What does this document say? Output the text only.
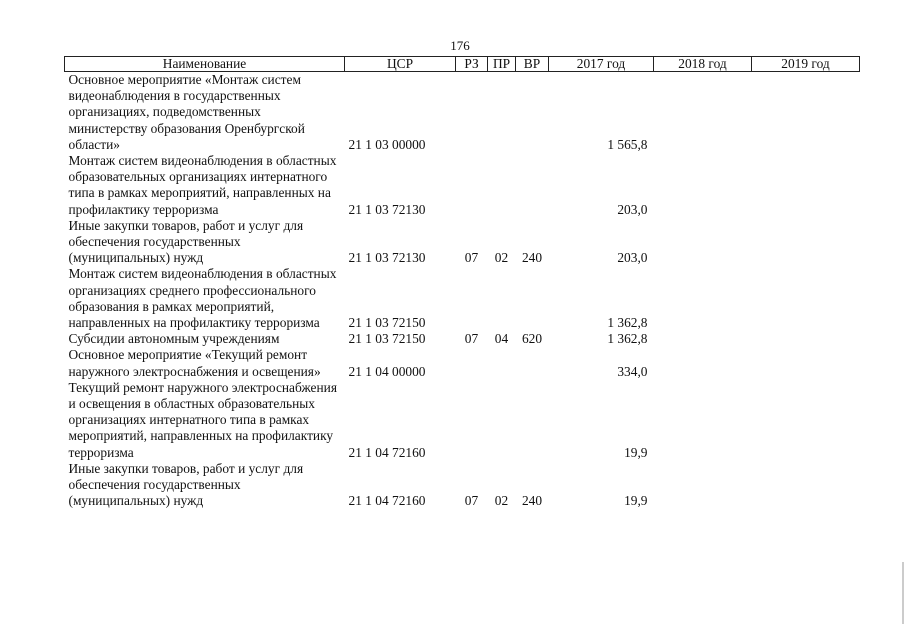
176
Наименование	ЦСР	РЗ	ПР	ВР	2017 год	2018 год	2019 год
Основное мероприятие «Монтаж систем видеонаблюдения в государственных организациях, подведомственных министерству образования Оренбургской области»	21 1 03 00000				1 565,8		
Монтаж систем видеонаблюдения в областных образовательных организациях интернатного типа в рамках мероприятий, направленных на профилактику терроризма	21 1 03 72130				203,0		
Иные закупки товаров, работ и услуг для обеспечения государственных (муниципальных) нужд	21 1 03 72130	07	02	240	203,0		
Монтаж систем видеонаблюдения в областных организациях среднего профессионального образования в рамках мероприятий, направленных на профилактику терроризма	21 1 03 72150				1 362,8		
Субсидии автономным учреждениям	21 1 03 72150	07	04	620	1 362,8		
Основное мероприятие «Текущий ремонт наружного электроснабжения и освещения»	21 1 04 00000				334,0		
Текущий ремонт наружного электроснабжения и освещения в областных образовательных организациях интернатного типа в рамках мероприятий, направленных на профилактику терроризма	21 1 04 72160				19,9		
Иные закупки товаров, работ и услуг для обеспечения государственных (муниципальных) нужд	21 1 04 72160	07	02	240	19,9		
